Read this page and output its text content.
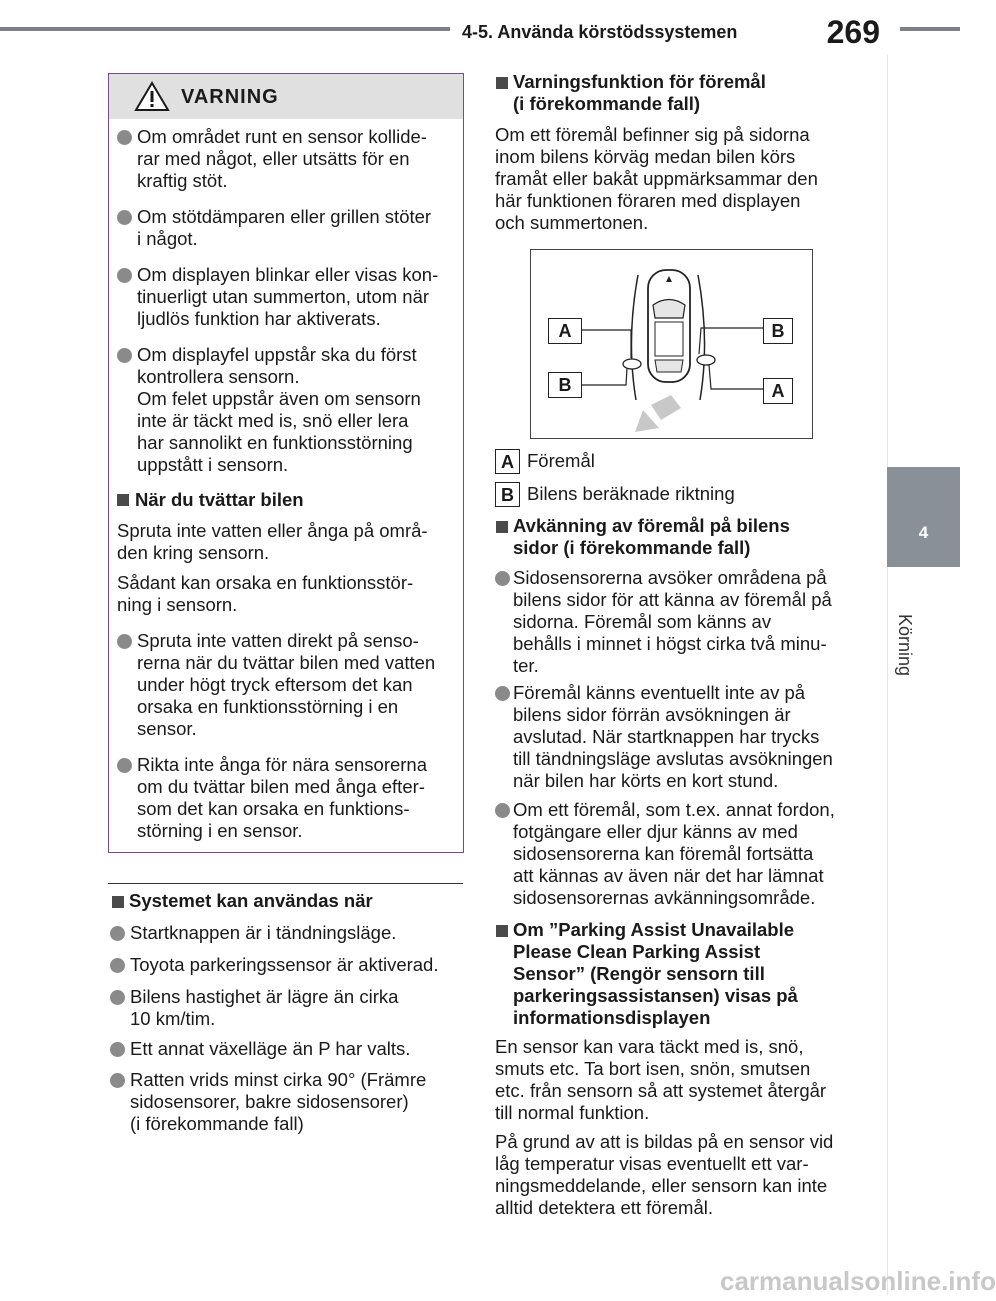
4-5. Använda körstödssystemen	269
4
Körning
VARNING
Om området runt en sensor kollide-
rar med något, eller utsätts för en
kraftig stöt.
Om stötdämparen eller grillen stöter
i något.
Om displayen blinkar eller visas kon-
tinuerligt utan summerton, utom när
ljudlös funktion har aktiverats.
Om displayfel uppstår ska du först
kontrollera sensorn.
Om felet uppstår även om sensorn
inte är täckt med is, snö eller lera
har sannolikt en funktionsstörning
uppstått i sensorn.
När du tvättar bilen
Spruta inte vatten eller ånga på områ-
den kring sensorn.
Sådant kan orsaka en funktionsstör-
ning i sensorn.
Spruta inte vatten direkt på senso-
rerna när du tvättar bilen med vatten
under högt tryck eftersom det kan
orsaka en funktionsstörning i en
sensor.
Rikta inte ånga för nära sensorerna
om du tvättar bilen med ånga efter-
som det kan orsaka en funktions-
störning i en sensor.
Systemet kan användas när
Startknappen är i tändningsläge.
Toyota parkeringssensor är aktiverad.
Bilens hastighet är lägre än cirka
10 km/tim.
Ett annat växelläge än P har valts.
Ratten vrids minst cirka 90° (Främre
sidosensorer, bakre sidosensorer)
(i förekommande fall)
Varningsfunktion för föremål
(i förekommande fall)
Om ett föremål befinner sig på sidorna
inom bilens körväg medan bilen körs
framåt eller bakåt uppmärksammar den
här funktionen föraren med displayen
och summertonen.
A
B
B
A
A Föremål
B Bilens beräknade riktning
Avkänning av föremål på bilens
sidor (i förekommande fall)
Sidosensorerna avsöker områdena på
bilens sidor för att känna av föremål på
sidorna. Föremål som känns av
behålls i minnet i högst cirka två minu-
ter.
Föremål känns eventuellt inte av på
bilens sidor förrän avsökningen är
avslutad. När startknappen har trycks
till tändningsläge avslutas avsökningen
när bilen har körts en kort stund.
Om ett föremål, som t.ex. annat fordon,
fotgängare eller djur känns av med
sidosensorerna kan föremål fortsätta
att kännas av även när det har lämnat
sidosensorernas avkänningsområde.
Om ”Parking Assist Unavailable
Please Clean Parking Assist
Sensor” (Rengör sensorn till
parkeringsassistansen) visas på
informationsdisplayen
En sensor kan vara täckt med is, snö,
smuts etc. Ta bort isen, snön, smutsen
etc. från sensorn så att systemet återgår
till normal funktion.
På grund av att is bildas på en sensor vid
låg temperatur visas eventuellt ett var-
ningsmeddelande, eller sensorn kan inte
alltid detektera ett föremål.
carmanualsonline.info
